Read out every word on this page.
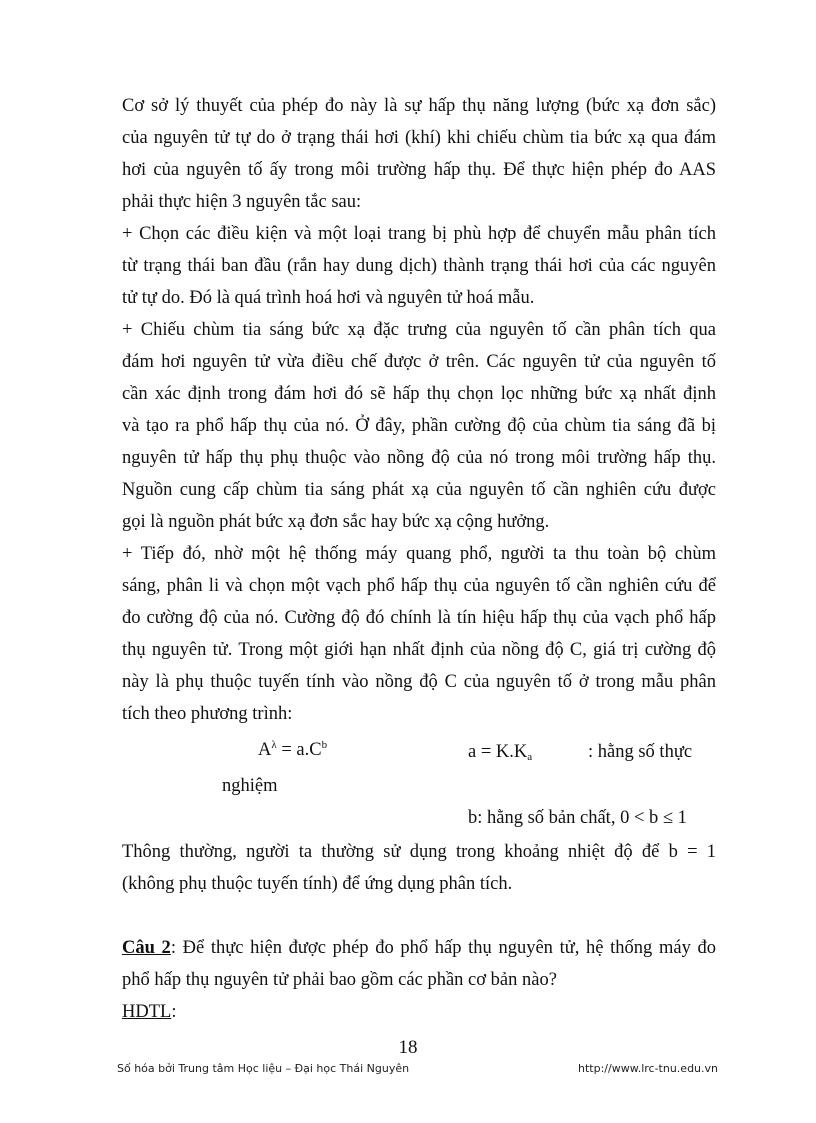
Cơ sở lý thuyết của phép đo này là sự hấp thụ năng lượng (bức xạ đơn sắc)
của nguyên tử tự do ở trạng thái hơi (khí) khi chiếu chùm tia bức xạ qua đám
hơi của nguyên tố ấy trong môi trường hấp thụ. Để thực hiện phép đo AAS
phải thực hiện 3 nguyên tắc sau:
+ Chọn các điều kiện và một loại trang bị phù hợp để chuyển mẫu phân tích
từ trạng thái ban đầu (rắn hay dung dịch) thành trạng thái hơi của các nguyên
tử tự do. Đó là quá trình hoá hơi và nguyên tử hoá mẫu.
+ Chiếu chùm tia sáng bức xạ đặc trưng của nguyên tố cần phân tích qua
đám hơi nguyên tử vừa điều chế được ở trên. Các nguyên tử của nguyên tố
cần xác định trong đám hơi đó sẽ hấp thụ chọn lọc những bức xạ nhất định
và tạo ra phổ hấp thụ của nó. Ở đây, phần cường độ của chùm tia sáng đã bị
nguyên tử hấp thụ phụ thuộc vào nồng độ của nó trong môi trường hấp thụ.
Nguồn cung cấp chùm tia sáng phát xạ của nguyên tố cần nghiên cứu được
gọi là nguồn phát bức xạ đơn sắc hay bức xạ cộng hưởng.
+ Tiếp đó, nhờ một hệ thống máy quang phổ, người ta thu toàn bộ chùm
sáng, phân li và chọn một vạch phổ hấp thụ của nguyên tố cần nghiên cứu để
đo cường độ của nó. Cường độ đó chính là tín hiệu hấp thụ của vạch phổ hấp
thụ nguyên tử. Trong một giới hạn nhất định của nồng độ C, giá trị cường độ
này là phụ thuộc tuyến tính vào nồng độ C của nguyên tố ở trong mẫu phân
tích theo phương trình:
$A^\lambda = a.C^b$	$a = K.K_a$	: hằng số thực
nghiệm
b: hằng số bản chất, 0 < b ≤ 1
Thông thường, người ta thường sử dụng trong khoảng nhiệt độ để b = 1
(không phụ thuộc tuyến tính) để ứng dụng phân tích.
Câu 2: Để thực hiện được phép đo phổ hấp thụ nguyên tử, hệ thống máy đo
phổ hấp thụ nguyên tử phải bao gồm các phần cơ bản nào?
HDTL:
18
Số hóa bởi Trung tâm Học liệu – Đại học Thái Nguyên	http://www.lrc-tnu.edu.vn
